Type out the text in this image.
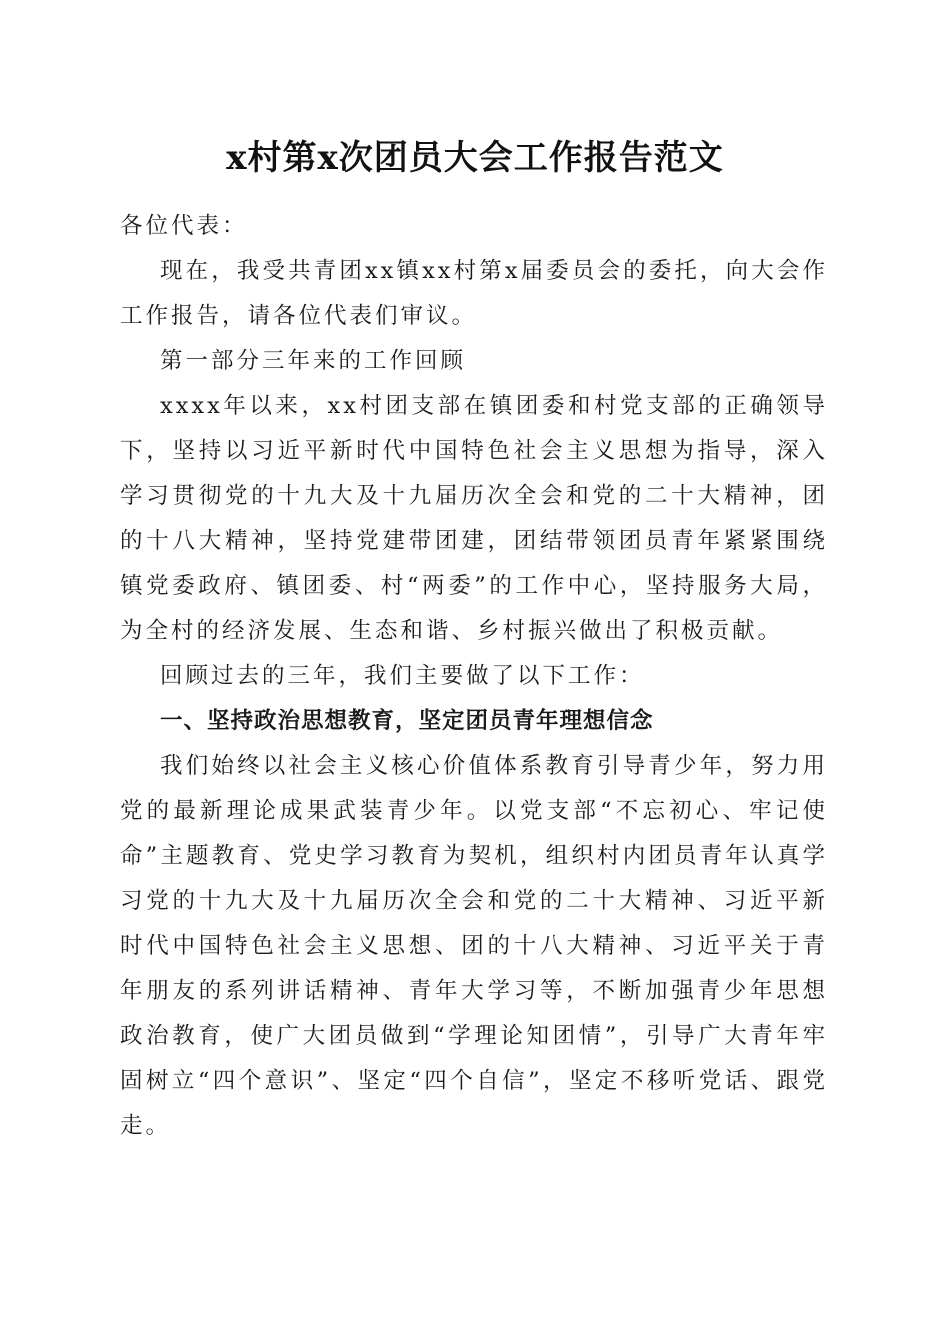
x村第x次团员大会工作报告范文

各位代表：

现在，我受共青团xx镇xx村第x届委员会的委托，向大会作工作报告，请各位代表们审议。

第一部分三年来的工作回顾

xxxx年以来，xx村团支部在镇团委和村党支部的正确领导下，坚持以习近平新时代中国特色社会主义思想为指导，深入学习贯彻党的十九大及十九届历次全会和党的二十大精神，团的十八大精神，坚持党建带团建，团结带领团员青年紧紧围绕镇党委政府、镇团委、村“两委”的工作中心，坚持服务大局，为全村的经济发展、生态和谐、乡村振兴做出了积极贡献。

回顾过去的三年，我们主要做了以下工作：

一、坚持政治思想教育，坚定团员青年理想信念

我们始终以社会主义核心价值体系教育引导青少年，努力用党的最新理论成果武装青少年。以党支部“不忘初心、牢记使命”主题教育、党史学习教育为契机，组织村内团员青年认真学习党的十九大及十九届历次全会和党的二十大精神、习近平新时代中国特色社会主义思想、团的十八大精神、习近平关于青年朋友的系列讲话精神、青年大学习等，不断加强青少年思想政治教育，使广大团员做到“学理论知团情”，引导广大青年牢固树立“四个意识”、坚定“四个自信”，坚定不移听党话、跟党走。
